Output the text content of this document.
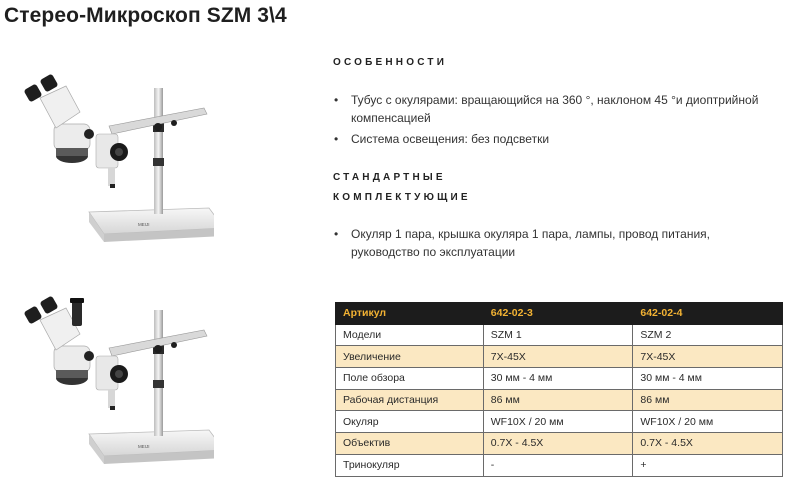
Стерео-Микроскоп SZM 3\4
MEIJI
MEIJI
ОСОБЕННОСТИ
• Тубус с окулярами: вращающийся на 360 °, наклоном 45 °и диоптрийной компенсацией
• Система освещения: без подсветки
СТАНДАРТНЫЕ
КОМПЛЕКТУЮЩИЕ
• Окуляр 1 пара, крышка окуляра 1 пара, лампы, провод питания, руководство по эксплуатации
Артикул	642-02-3	642-02-4
Модели	SZM 1	SZM 2
Увеличение	7X-45X	7X-45X
Поле обзора	30 мм - 4 мм	30 мм - 4 мм
Рабочая дистанция	86 мм	86 мм
Окуляр	WF10X / 20 мм	WF10X / 20 мм
Объектив	0.7X - 4.5X	0.7X - 4.5X
Тринокуляр	-	+
